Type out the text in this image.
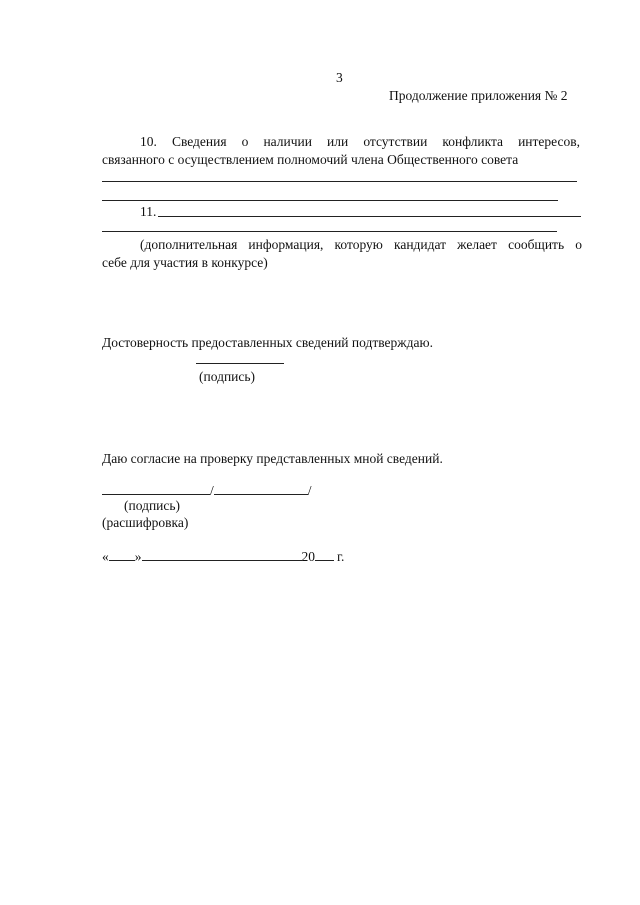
3
Продолжение приложения № 2
10. Сведения о наличии или отсутствии конфликта интересов,
связанного с осуществлением полномочий члена Общественного совета
11.
(дополнительная информация, которую кандидат желает сообщить о
себе для участия в конкурсе)
Достоверность предоставленных сведений подтверждаю.
(подпись)
Даю согласие на проверку представленных мной сведений.
/	/
(подпись)
(расшифровка)
« »	20 г.
